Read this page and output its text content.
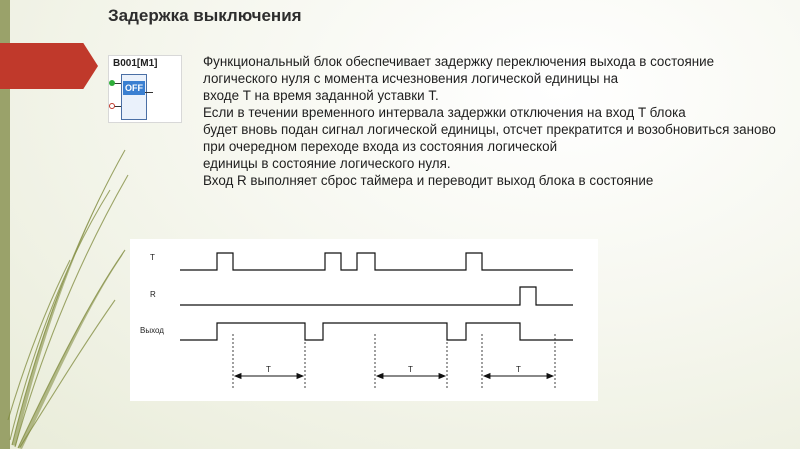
Задержка выключения
B001[M1]
OFF

Функциональный блок обеспечивает задержку переключения выхода в состояние логического нуля с момента исчезновения логической единицы на

входе T на время заданной уставки T.

Если в течении временного интервала задержки отключения на вход T блока

будет вновь подан сигнал логической единицы, отсчет прекратится и возобновиться заново при очередном переходе входа из состояния логической

единицы в состояние логического нуля.

Вход R выполняет сброс таймера и переводит выход блока в состояние

T
R
Выход
T	T	T
